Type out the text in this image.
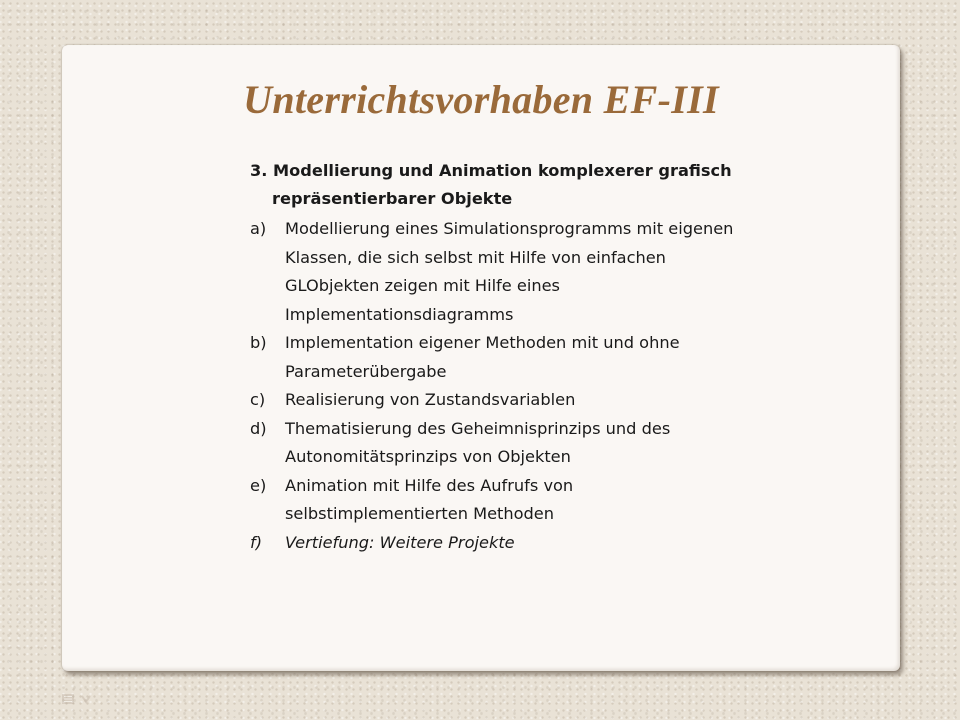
Unterrichtsvorhaben EF-III

3. Modellierung und Animation komplexerer grafisch repräsentierbarer Objekte

a)	Modellierung eines Simulationsprogramms mit eigenen Klassen, die sich selbst mit Hilfe von einfachen GLObjekten zeigen mit Hilfe eines Implementationsdiagramms
b)	Implementation eigener Methoden mit und ohne Parameterübergabe
c)	Realisierung von Zustandsvariablen
d)	Thematisierung des Geheimnisprinzips und des Autonomitätsprinzips von Objekten
e)	Animation mit Hilfe des Aufrufs von selbstimplementierten Methoden
f)	Vertiefung: Weitere Projekte
